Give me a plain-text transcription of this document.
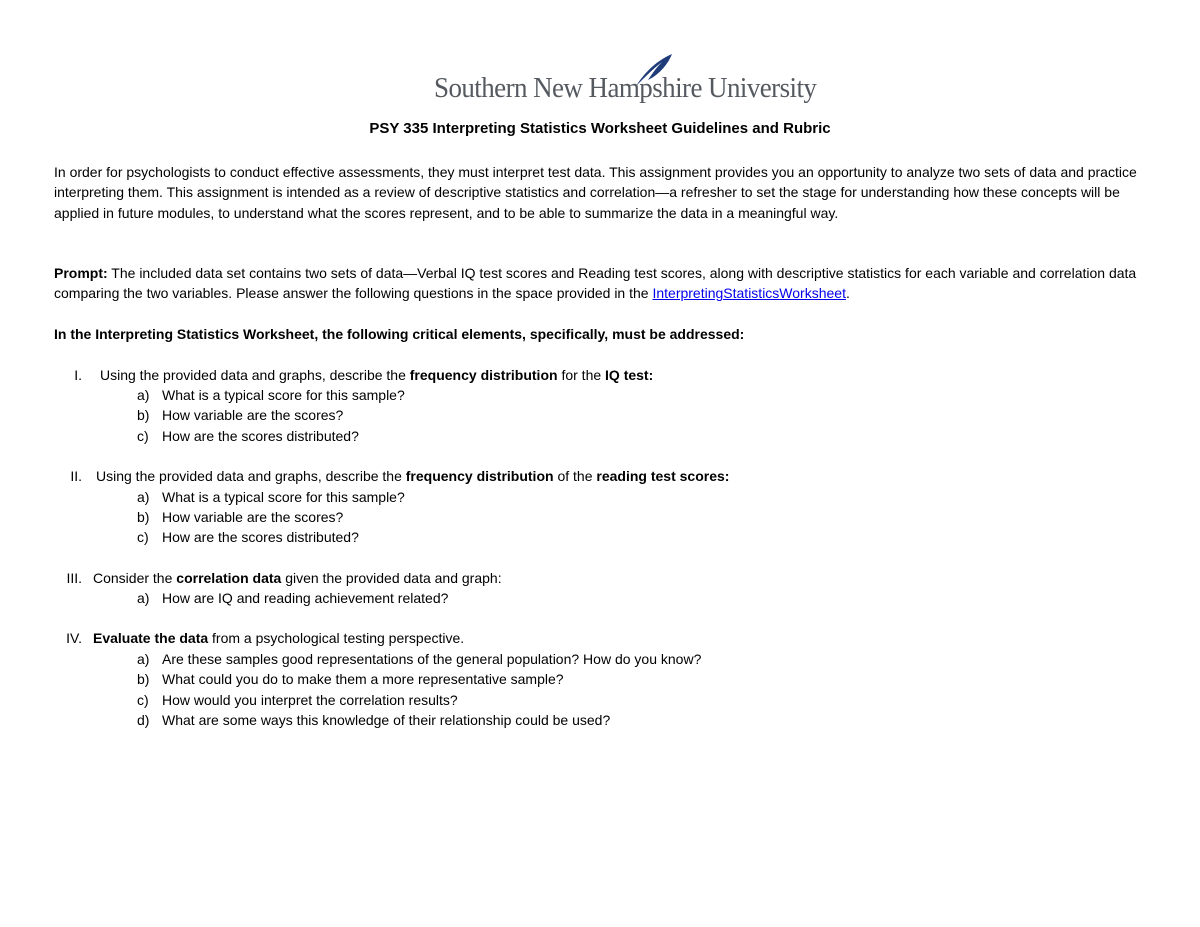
Southern New Hampshire University
PSY 335 Interpreting Statistics Worksheet Guidelines and Rubric
In order for psychologists to conduct effective assessments, they must interpret test data. This assignment provides you an opportunity to analyze two sets of data and practice interpreting them. This assignment is intended as a review of descriptive statistics and correlation—a refresher to set the stage for understanding how these concepts will be applied in future modules, to understand what the scores represent, and to be able to summarize the data in a meaningful way.
Prompt: The included data set contains two sets of data—Verbal IQ test scores and Reading test scores, along with descriptive statistics for each variable and correlation data comparing the two variables. Please answer the following questions in the space provided in the InterpretingStatisticsWorksheet.
In the Interpreting Statistics Worksheet, the following critical elements, specifically, must be addressed:
I. Using the provided data and graphs, describe the frequency distribution for the IQ test:
a) What is a typical score for this sample?
b) How variable are the scores?
c) How are the scores distributed?
II. Using the provided data and graphs, describe the frequency distribution of the reading test scores:
a) What is a typical score for this sample?
b) How variable are the scores?
c) How are the scores distributed?
III. Consider the correlation data given the provided data and graph:
a) How are IQ and reading achievement related?
IV. Evaluate the data from a psychological testing perspective.
a) Are these samples good representations of the general population? How do you know?
b) What could you do to make them a more representative sample?
c) How would you interpret the correlation results?
d) What are some ways this knowledge of their relationship could be used?
